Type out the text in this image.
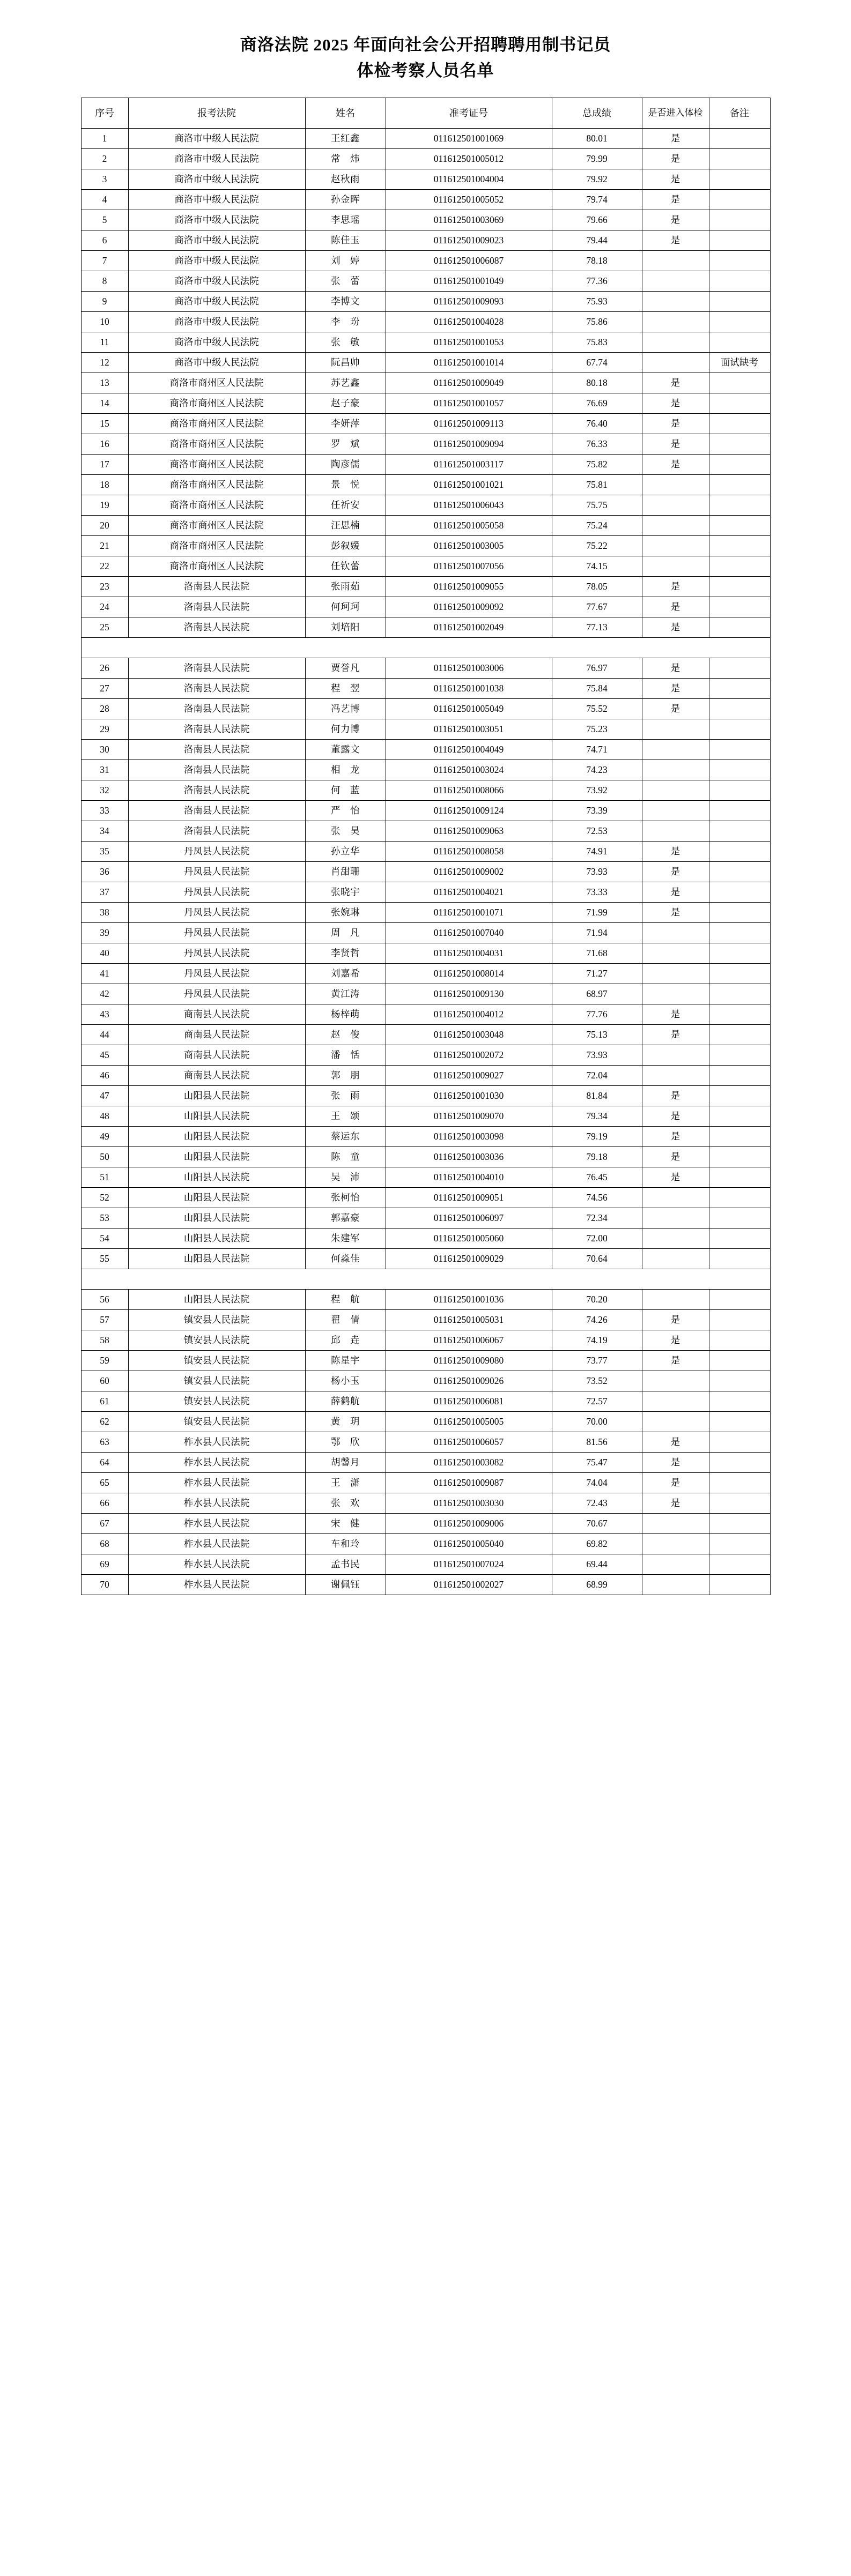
商洛法院 2025 年面向社会公开招聘聘用制书记员
体检考察人员名单
序号	报考法院	姓名	准考证号	总成绩	是否进入体检	备注

1	商洛市中级人民法院	王红鑫	011612501001069	80.01	是	
2	商洛市中级人民法院	常　炜	011612501005012	79.99	是	
3	商洛市中级人民法院	赵秋雨	011612501004004	79.92	是	
4	商洛市中级人民法院	孙金晖	011612501005052	79.74	是	
5	商洛市中级人民法院	李思瑶	011612501003069	79.66	是	
6	商洛市中级人民法院	陈佳玉	011612501009023	79.44	是	
7	商洛市中级人民法院	刘　婷	011612501006087	78.18		
8	商洛市中级人民法院	张　蕾	011612501001049	77.36		
9	商洛市中级人民法院	李博文	011612501009093	75.93		
10	商洛市中级人民法院	李　玢	011612501004028	75.86		
11	商洛市中级人民法院	张　敏	011612501001053	75.83		
12	商洛市中级人民法院	阮昌帅	011612501001014	67.74		面试缺考
13	商洛市商州区人民法院	苏艺鑫	011612501009049	80.18	是	
14	商洛市商州区人民法院	赵子豪	011612501001057	76.69	是	
15	商洛市商州区人民法院	李妍萍	011612501009113	76.40	是	
16	商洛市商州区人民法院	罗　斌	011612501009094	76.33	是	
17	商洛市商州区人民法院	陶彦儒	011612501003117	75.82	是	
18	商洛市商州区人民法院	景　悦	011612501001021	75.81		
19	商洛市商州区人民法院	任祈安	011612501006043	75.75		
20	商洛市商州区人民法院	汪思楠	011612501005058	75.24		
21	商洛市商州区人民法院	彭叙媛	011612501003005	75.22		
22	商洛市商州区人民法院	任钦蕾	011612501007056	74.15		
23	洛南县人民法院	张雨茹	011612501009055	78.05	是	
24	洛南县人民法院	何珂珂	011612501009092	77.67	是	
25	洛南县人民法院	刘培阳	011612501002049	77.13	是	

26	洛南县人民法院	贾誉凡	011612501003006	76.97	是	
27	洛南县人民法院	程　翌	011612501001038	75.84	是	
28	洛南县人民法院	冯艺博	011612501005049	75.52	是	
29	洛南县人民法院	何力博	011612501003051	75.23		
30	洛南县人民法院	董露文	011612501004049	74.71		
31	洛南县人民法院	相　龙	011612501003024	74.23		
32	洛南县人民法院	何　蓝	011612501008066	73.92		
33	洛南县人民法院	严　怡	011612501009124	73.39		
34	洛南县人民法院	张　昊	011612501009063	72.53		
35	丹凤县人民法院	孙立华	011612501008058	74.91	是	
36	丹凤县人民法院	肖甜珊	011612501009002	73.93	是	
37	丹凤县人民法院	张晓宇	011612501004021	73.33	是	
38	丹凤县人民法院	张婉琳	011612501001071	71.99	是	
39	丹凤县人民法院	周　凡	011612501007040	71.94		
40	丹凤县人民法院	李贤哲	011612501004031	71.68		
41	丹凤县人民法院	刘嘉希	011612501008014	71.27		
42	丹凤县人民法院	黄江涛	011612501009130	68.97		
43	商南县人民法院	杨梓萌	011612501004012	77.76	是	
44	商南县人民法院	赵　俊	011612501003048	75.13	是	
45	商南县人民法院	潘　恬	011612501002072	73.93		
46	商南县人民法院	郭　朋	011612501009027	72.04		
47	山阳县人民法院	张　雨	011612501001030	81.84	是	
48	山阳县人民法院	王　颂	011612501009070	79.34	是	
49	山阳县人民法院	蔡运东	011612501003098	79.19	是	
50	山阳县人民法院	陈　童	011612501003036	79.18	是	
51	山阳县人民法院	吴　沛	011612501004010	76.45	是	
52	山阳县人民法院	张柯怡	011612501009051	74.56		
53	山阳县人民法院	郭嘉豪	011612501006097	72.34		
54	山阳县人民法院	朱建军	011612501005060	72.00		
55	山阳县人民法院	何淼佳	011612501009029	70.64		

56	山阳县人民法院	程　航	011612501001036	70.20		
57	镇安县人民法院	翟　倩	011612501005031	74.26	是	
58	镇安县人民法院	邱　垚	011612501006067	74.19	是	
59	镇安县人民法院	陈星宇	011612501009080	73.77	是	
60	镇安县人民法院	杨小玉	011612501009026	73.52		
61	镇安县人民法院	薛鹤航	011612501006081	72.57		
62	镇安县人民法院	黄　玥	011612501005005	70.00		
63	柞水县人民法院	鄂　欣	011612501006057	81.56	是	
64	柞水县人民法院	胡馨月	011612501003082	75.47	是	
65	柞水县人民法院	王　潇	011612501009087	74.04	是	
66	柞水县人民法院	张　欢	011612501003030	72.43	是	
67	柞水县人民法院	宋　健	011612501009006	70.67		
68	柞水县人民法院	车和玲	011612501005040	69.82		
69	柞水县人民法院	孟书民	011612501007024	69.44		
70	柞水县人民法院	谢佩钰	011612501002027	68.99		
